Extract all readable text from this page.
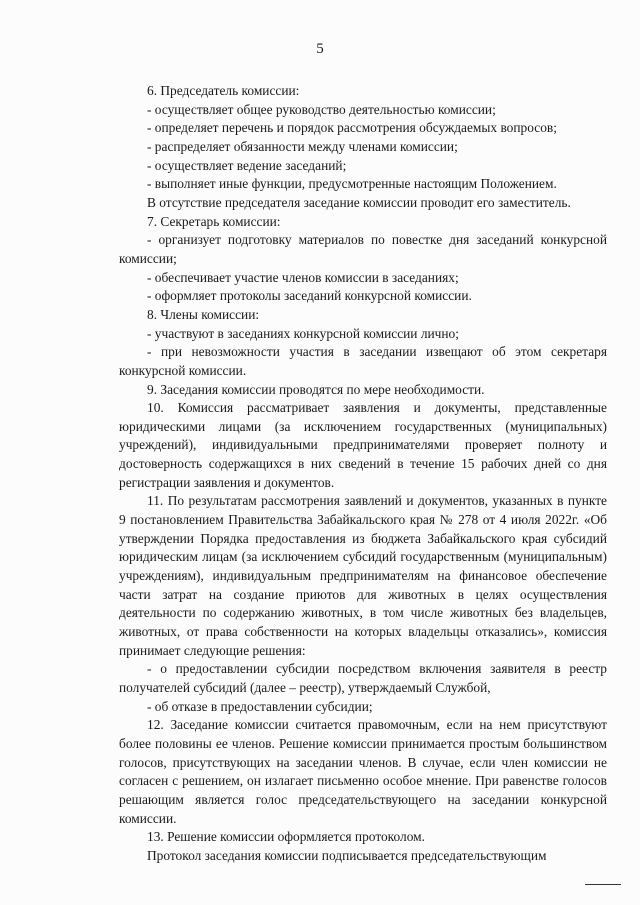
5

6. Председатель комиссии:

- осуществляет общее руководство деятельностью комиссии;

- определяет перечень и порядок рассмотрения обсуждаемых вопросов;

- распределяет обязанности между членами комиссии;

- осуществляет ведение заседаний;

- выполняет иные функции, предусмотренные настоящим Положением.

В отсутствие председателя заседание комиссии проводит его заместитель.

7. Секретарь комиссии:

- организует подготовку материалов по повестке дня заседаний конкурсной комиссии;

- обеспечивает участие членов комиссии в заседаниях;

- оформляет протоколы заседаний конкурсной комиссии.

8. Члены комиссии:

- участвуют в заседаниях конкурсной комиссии лично;

- при невозможности участия в заседании извещают об этом секретаря конкурсной комиссии.

9. Заседания комиссии проводятся по мере необходимости.

10. Комиссия рассматривает заявления и документы, представленные юридическими лицами (за исключением государственных (муниципальных) учреждений), индивидуальными предпринимателями проверяет полноту и достоверность содержащихся в них сведений в течение 15 рабочих дней со дня регистрации заявления и документов.

11. По результатам рассмотрения заявлений и документов, указанных в пункте 9 постановлением Правительства Забайкальского края № 278 от 4 июля 2022г. «Об утверждении Порядка предоставления из бюджета Забайкальского края субсидий юридическим лицам (за исключением субсидий государственным (муниципальным) учреждениям), индивидуальным предпринимателям на финансовое обеспечение части затрат на создание приютов для животных в целях осуществления деятельности по содержанию животных, в том числе животных без владельцев, животных, от права собственности на которых владельцы отказались», комиссия принимает следующие решения:

- о предоставлении субсидии посредством включения заявителя в реестр получателей субсидий (далее – реестр), утверждаемый Службой,

- об отказе в предоставлении субсидии;

12. Заседание комиссии считается правомочным, если на нем присутствуют более половины ее членов. Решение комиссии принимается простым большинством голосов, присутствующих на заседании членов. В случае, если член комиссии не согласен с решением, он излагает письменно особое мнение. При равенстве голосов решающим является голос председательствующего на заседании конкурсной комиссии.

13. Решение комиссии оформляется протоколом.

Протокол заседания комиссии подписывается председательствующим
